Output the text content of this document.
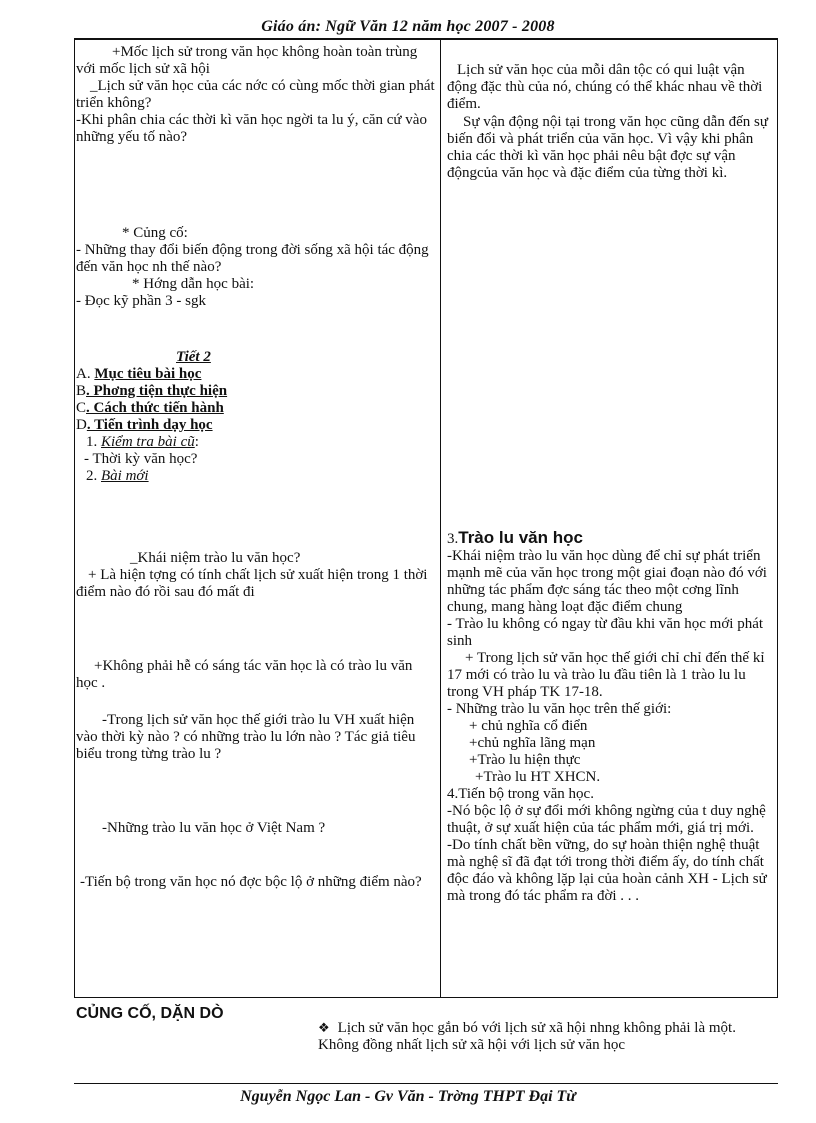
Giáo án: Ngữ Văn 12 năm học 2007 - 2008

+Mốc lịch sử trong văn học không hoàn toàn trùng với mốc lịch sử xã hội

_Lịch sử văn học của các nớc có cùng mốc thời gian phát triển không?

-Khi phân chia các thời kì văn học ngời ta lu ý, căn cứ vào những yếu tố nào?

* Củng cố:

- Những thay đổi biến động trong đời sống xã hội tác động đến văn học nh thế nào?

* Hớng dẫn học bài:

- Đọc kỹ phần 3 - sgk

Tiết 2

A. Mục tiêu bài học

B. Phơng tiện thực hiện

C. Cách thức tiến hành

D. Tiến trình dạy học

1. Kiểm tra bài cũ:

- Thời kỳ văn học?

2. Bài mới

_Khái niệm trào lu văn học?

+ Là hiện tợng có tính chất lịch sử xuất hiện trong 1 thời điểm nào đó rồi sau đó mất đi

+Không phải hễ có sáng tác văn học là có trào lu văn học .

-Trong lịch sử văn học thế giới trào lu VH xuất hiện vào thời kỳ nào ? có những trào lu lớn nào ? Tác giả tiêu biểu trong từng trào lu ?

-Những trào lu văn học ở Việt Nam ?

-Tiến bộ trong văn học nó đợc bộc lộ ở những điểm nào?

Lịch sử văn học của mỗi dân tộc có qui luật vận động đặc thù của nó, chúng có thể khác nhau về thời điểm.

Sự vận động nội tại trong văn học cũng dẫn đến sự biến đổi và phát triển của văn học. Vì vậy khi phân chia các thời kì văn học phải nêu bật đợc sự vận độngcủa văn học và đặc điểm của từng thời kì.

3.Trào lu văn học

-Khái niệm trào lu văn học dùng để chỉ sự phát triển mạnh mẽ của văn học trong một giai đoạn nào đó với những tác phẩm đợc sáng tác theo một cơng lĩnh chung, mang hàng loạt đặc điểm chung

- Trào lu không có ngay từ đầu khi văn học mới phát sinh

+ Trong lịch sử văn học thế giới chỉ chỉ đến thế kỉ 17 mới có trào lu và trào lu đầu tiên là 1 trào lu lu trong VH pháp TK 17-18.

- Những trào lu văn học trên thế giới:

+ chủ nghĩa cổ điển

+chủ nghĩa lãng mạn

+Trào lu hiện thực

+Trào lu HT XHCN.

4.Tiến bộ trong văn học.

-Nó bộc lộ ở sự đổi mới không ngừng của t duy nghệ thuật, ở sự xuất hiện của tác phẩm mới, giá trị mới.

-Do tính chất bền vững, do sự hoàn thiện nghệ thuật mà nghệ sĩ đã đạt tới trong thời điểm ấy, do tính chất độc đáo và không lặp lại của hoàn cảnh XH - Lịch sử mà trong đó tác phẩm ra đời . . .

CỦNG CỐ, DẶN DÒ
❖ Lịch sử văn học gắn bó với lịch sử xã hội nhng không phải là một. Không đồng nhất lịch sử xã hội với lịch sử văn học
Nguyễn Ngọc Lan - Gv Văn - Trờng THPT Đại Từ
